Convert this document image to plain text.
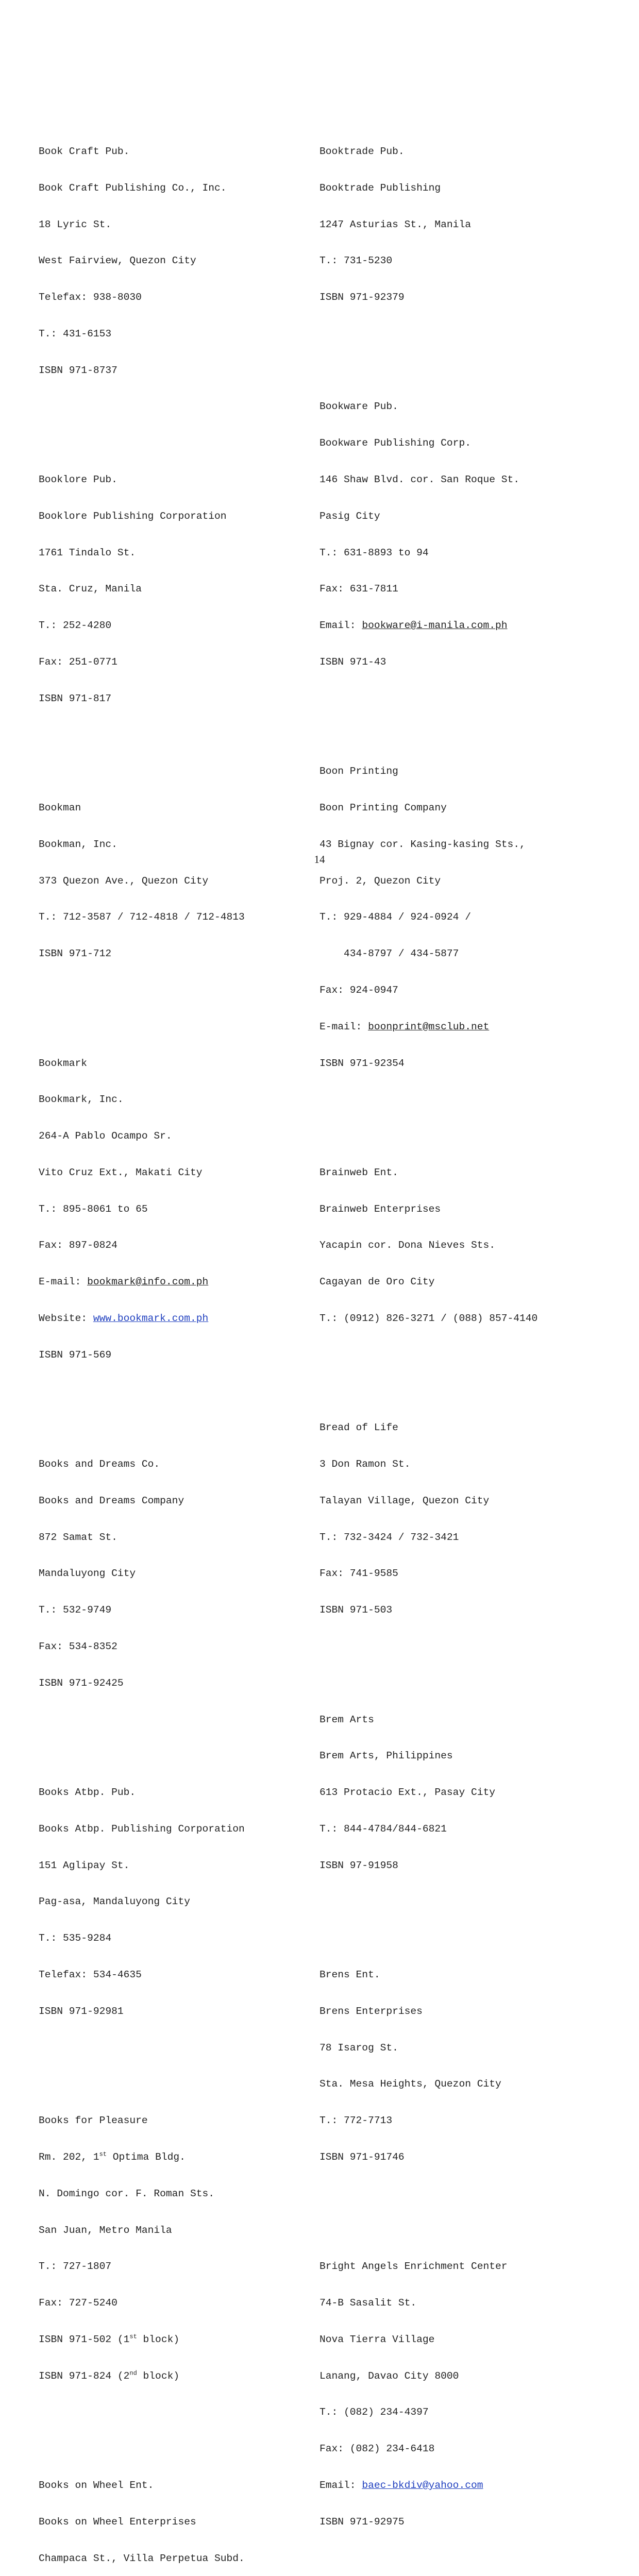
Book Craft Pub.

Book Craft Publishing Co., Inc.

18 Lyric St.

West Fairview, Quezon City

Telefax: 938-8030

T.: 431-6153

ISBN 971-8737

Booklore Pub.

Booklore Publishing Corporation

1761 Tindalo St.

Sta. Cruz, Manila

T.: 252-4280

Fax: 251-0771

ISBN 971-817

Bookman

Bookman, Inc.

373 Quezon Ave., Quezon City

T.: 712-3587 / 712-4818 / 712-4813

ISBN 971-712

Bookmark

Bookmark, Inc.

264-A Pablo Ocampo Sr.

Vito Cruz Ext., Makati City

T.: 895-8061 to 65

Fax: 897-0824

E-mail: bookmark@info.com.ph

Website: www.bookmark.com.ph

ISBN 971-569

Books and Dreams Co.

Books and Dreams Company

872 Samat St.

Mandaluyong City

T.: 532-9749

Fax: 534-8352

ISBN 971-92425

Books Atbp. Pub.

Books Atbp. Publishing Corporation

151 Aglipay St.

Pag-asa, Mandaluyong City

T.: 535-9284

Telefax: 534-4635

ISBN 971-92981

Books for Pleasure

Rm. 202, 1st Optima Bldg.

N. Domingo cor. F. Roman Sts.

San Juan, Metro Manila

T.: 727-1807

Fax: 727-5240

ISBN 971-502 (1st block)

ISBN 971-824 (2nd block)

Books on Wheel Ent.

Books on Wheel Enterprises

Champaca St., Villa Perpetua Subd.

Booktrade Pub.

Booktrade Publishing

1247 Asturias St., Manila

T.: 731-5230

ISBN 971-92379

Bookware Pub.

Bookware Publishing Corp.

146 Shaw Blvd. cor. San Roque St.

Pasig City

T.: 631-8893 to 94

Fax: 631-7811

Email: bookware@i-manila.com.ph

ISBN 971-43

Boon Printing

Boon Printing Company

43 Bignay cor. Kasing-kasing Sts.,

Proj. 2, Quezon City

T.: 929-4884 / 924-0924 /

434-8797 / 434-5877

Fax: 924-0947

E-mail: boonprint@msclub.net

ISBN 971-92354

Brainweb Ent.

Brainweb Enterprises

Yacapin cor. Dona Nieves Sts.

Cagayan de Oro City

T.: (0912) 826-3271 / (088) 857-4140

Bread of Life

3 Don Ramon St.

Talayan Village, Quezon City

T.: 732-3424 / 732-3421

Fax: 741-9585

ISBN 971-503

Brem Arts

Brem Arts, Philippines

613 Protacio Ext., Pasay City

T.: 844-4784/844-6821

ISBN 97-91958

Brens Ent.

Brens Enterprises

78 Isarog St.

Sta. Mesa Heights, Quezon City

T.: 772-7713

ISBN 971-91746

Bright Angels Enrichment Center

74-B Sasalit St.

Nova Tierra Village

Lanang, Davao City 8000

T.: (082) 234-4397

Fax: (082) 234-6418

Email: baec-bkdiv@yahoo.com

ISBN 971-92975

14
